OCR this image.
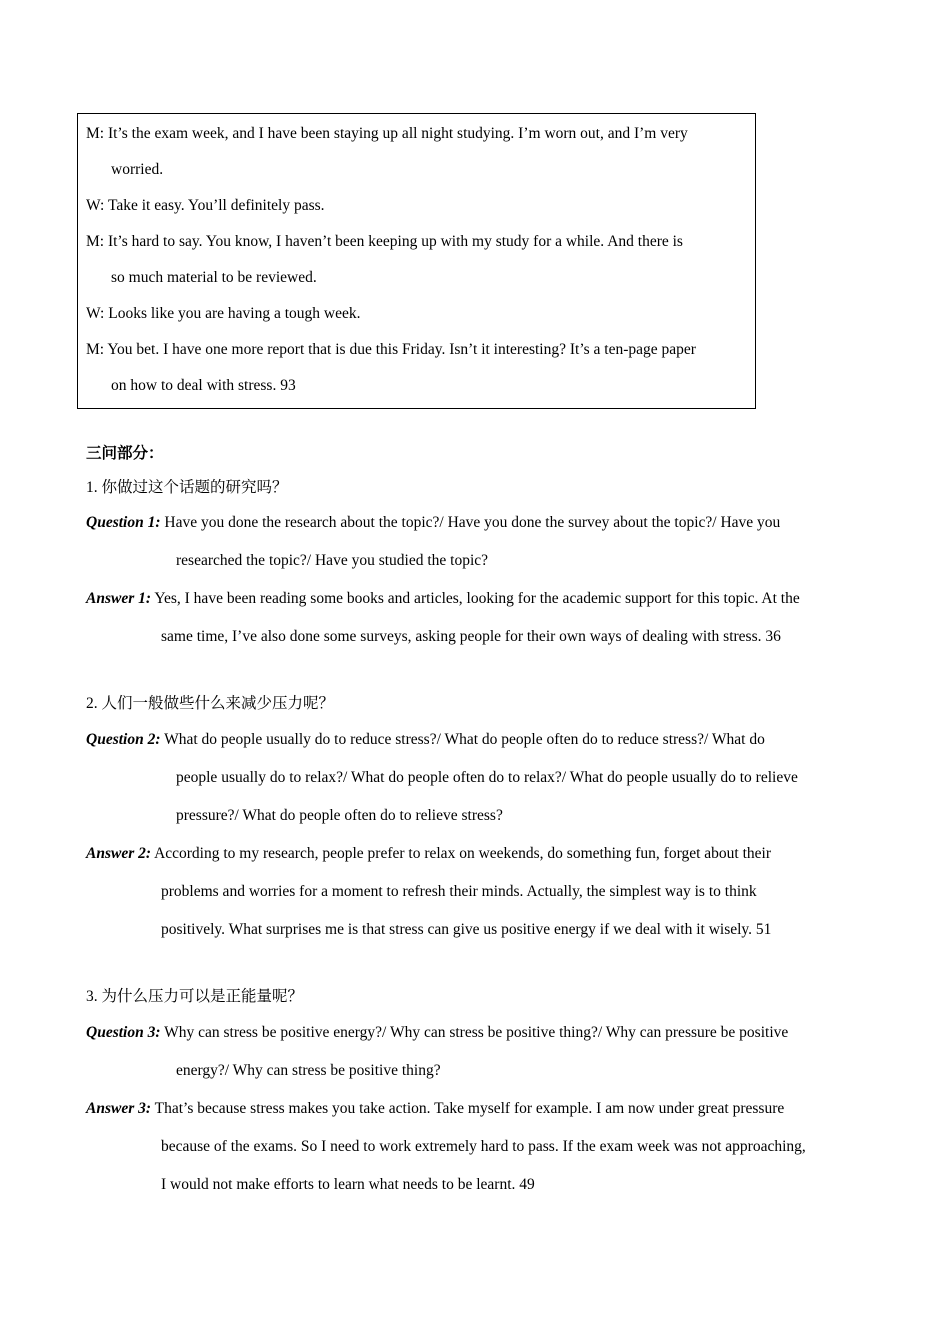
M: It’s the exam week, and I have been staying up all night studying. I’m worn out, and I’m very
worried.
W: Take it easy. You’ll definitely pass.
M: It’s hard to say. You know, I haven’t been keeping up with my study for a while. And there is
so much material to be reviewed.
W: Looks like you are having a tough week.
M: You bet. I have one more report that is due this Friday. Isn’t it interesting? It’s a ten-page paper
on how to deal with stress. 93
三问部分：
1. 你做过这个话题的研究吗？
Question 1: Have you done the research about the topic?/ Have you done the survey about the topic?/ Have you
researched the topic?/ Have you studied the topic?
Answer 1: Yes, I have been reading some books and articles, looking for the academic support for this topic. At the
same time, I’ve also done some surveys, asking people for their own ways of dealing with stress. 36
2. 人们一般做些什么来减少压力呢？
Question 2: What do people usually do to reduce stress?/ What do people often do to reduce stress?/ What do
people usually do to relax?/ What do people often do to relax?/ What do people usually do to relieve
pressure?/ What do people often do to relieve stress?
Answer 2: According to my research, people prefer to relax on weekends, do something fun, forget about their
problems and worries for a moment to refresh their minds. Actually, the simplest way is to think
positively. What surprises me is that stress can give us positive energy if we deal with it wisely. 51
3. 为什么压力可以是正能量呢？
Question 3: Why can stress be positive energy?/ Why can stress be positive thing?/ Why can pressure be positive
energy?/ Why can stress be positive thing?
Answer 3: That’s because stress makes you take action. Take myself for example. I am now under great pressure
because of the exams. So I need to work extremely hard to pass. If the exam week was not approaching,
I would not make efforts to learn what needs to be learnt. 49
